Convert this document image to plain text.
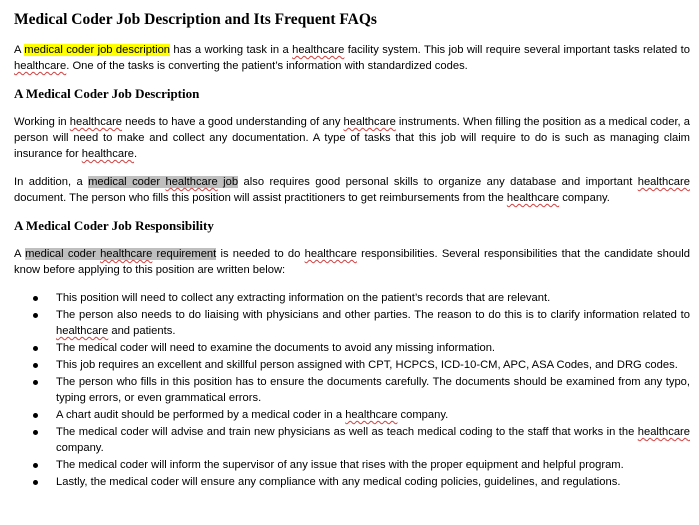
Medical Coder Job Description and Its Frequent FAQs

A medical coder job description has a working task in a healthcare facility system. This job will require several important tasks related to healthcare. One of the tasks is converting the patient’s information with standardized codes.

A Medical Coder Job Description

Working in healthcare needs to have a good understanding of any healthcare instruments. When filling the position as a medical coder, a person will need to make and collect any documentation. A type of tasks that this job will require to do is such as managing claim insurance for healthcare.

In addition, a medical coder healthcare job also requires good personal skills to organize any database and important healthcare document. The person who fills this position will assist practitioners to get reimbursements from the healthcare company.

A Medical Coder Job Responsibility

A medical coder healthcare requirement is needed to do healthcare responsibilities. Several responsibilities that the candidate should know before applying to this position are written below:

This position will need to collect any extracting information on the patient’s records that are relevant.
The person also needs to do liaising with physicians and other parties. The reason to do this is to clarify information related to healthcare and patients.
The medical coder will need to examine the documents to avoid any missing information.
This job requires an excellent and skillful person assigned with CPT, HCPCS, ICD-10-CM, APC, ASA Codes, and DRG codes.
The person who fills in this position has to ensure the documents carefully. The documents should be examined from any typo, typing errors, or even grammatical errors.
A chart audit should be performed by a medical coder in a healthcare company.
The medical coder will advise and train new physicians as well as teach medical coding to the staff that works in the healthcare company.
The medical coder will inform the supervisor of any issue that rises with the proper equipment and helpful program.
Lastly, the medical coder will ensure any compliance with any medical coding policies, guidelines, and regulations.
